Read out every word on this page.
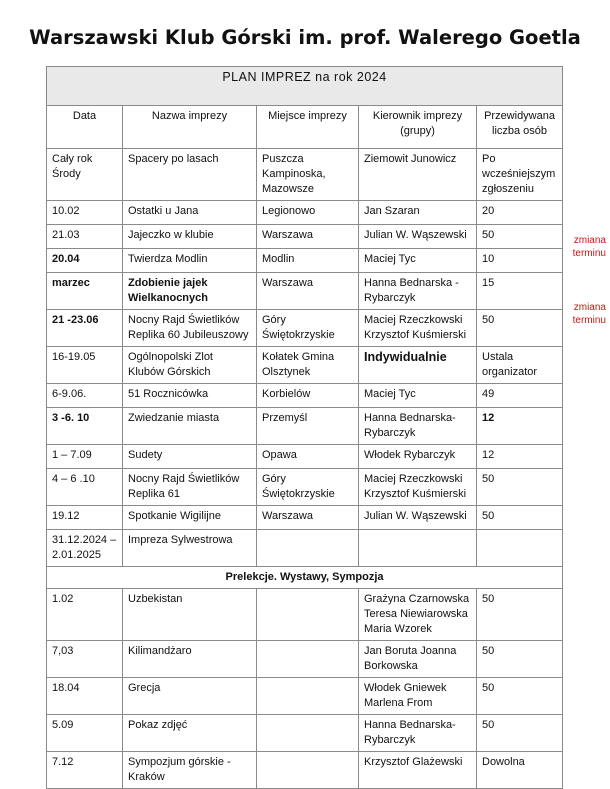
Warszawski Klub Górski im. prof. Walerego Goetla
PLAN IMPREZ na rok 2024				
Data	Nazwa imprezy	Miejsce imprezy	Kierownik imprezy (grupy)	Przewidywana liczba osób
Cały rok Środy	Spacery po lasach	Puszcza Kampinoska, Mazowsze	Ziemowit Junowicz	Po wcześniejszym zgłoszeniu
10.02	Ostatki u Jana	Legionowo	Jan Szaran	20
21.03	Jajeczko w klubie	Warszawa	Julian W. Wąszewski	50
20.04	Twierdza Modlin	Modlin	Maciej Tyc	10
marzec	Zdobienie jajek Wielkanocnych	Warszawa	Hanna Bednarska - Rybarczyk	15
21 -23.06	Nocny Rajd Świetlików Replika 60 Jubileuszowy	Góry Świętokrzyskie	Maciej Rzeczkowski Krzysztof Kuśmierski	50
16-19.05	Ogólnopolski Zlot Klubów Górskich	Kołatek Gmina Olsztynek	Indywidualnie	Ustala organizator
6-9.06.	51 Rocznicówka	Korbielów	Maciej Tyc	49
3 -6. 10	Zwiedzanie miasta	Przemyśl	Hanna Bednarska- Rybarczyk	12
1 – 7.09	Sudety	Opawa	Włodek Rybarczyk	12
4 – 6 .10	Nocny Rajd Świetlików Replika 61	Góry Świętokrzyskie	Maciej Rzeczkowski Krzysztof Kuśmierski	50
19.12	Spotkanie Wigilijne	Warszawa	Julian W. Wąszewski	50
31.12.2024 – 2.01.2025	Impreza Sylwestrowa			
Prelekcje. Wystawy, Sympozja				
1.02	Uzbekistan		Grażyna Czarnowska Teresa Niewiarowska Maria Wzorek	50
7,03	Kilimandżaro		Jan Boruta Joanna Borkowska	50
18.04	Grecja		Włodek Gniewek Marlena From	50
5.09	Pokaz zdjęć		Hanna Bednarska- Rybarczyk	50
7.12	Sympozjum górskie - Kraków		Krzysztof Glażewski	Dowolna
zmiana terminu
zmiana terminu
